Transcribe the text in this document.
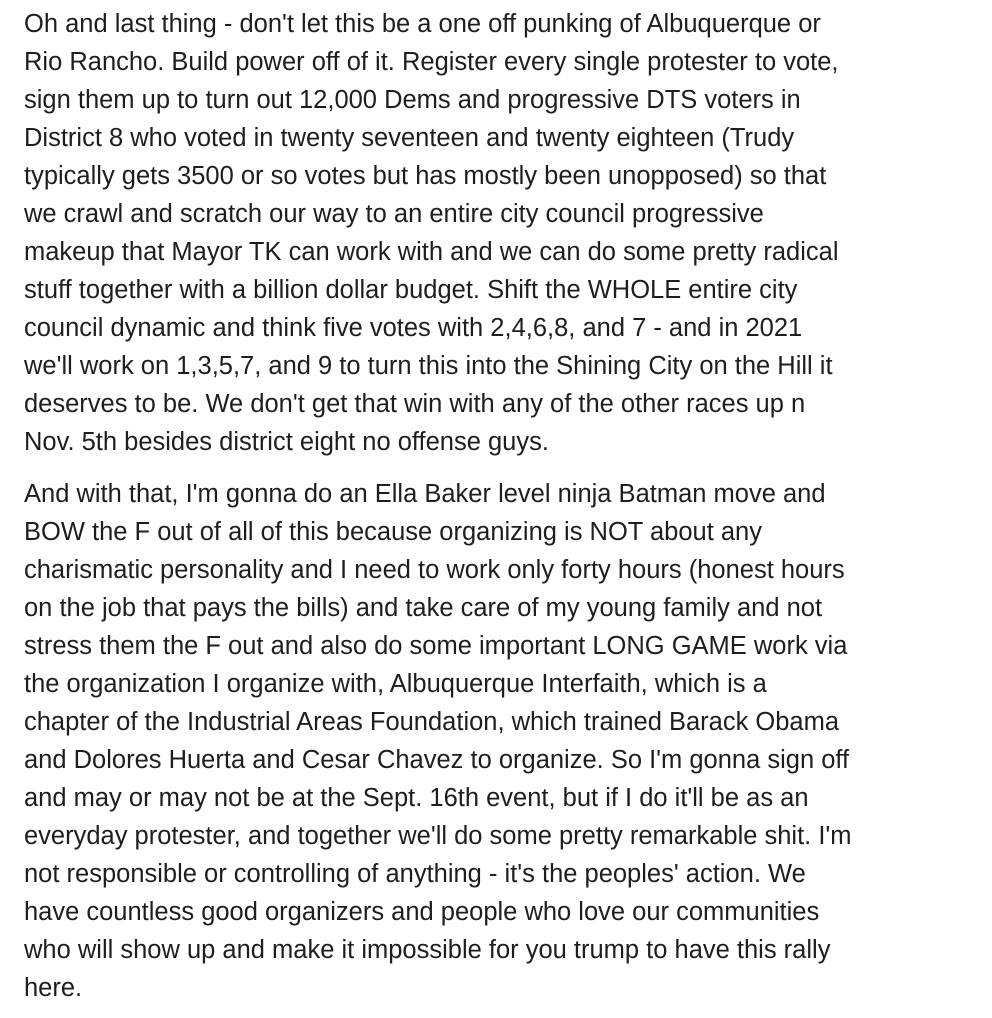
Oh and last thing - don't let this be a one off punking of Albuquerque or
Rio Rancho. Build power off of it. Register every single protester to vote,
sign them up to turn out 12,000 Dems and progressive DTS voters in
District 8 who voted in twenty seventeen and twenty eighteen (Trudy
typically gets 3500 or so votes but has mostly been unopposed) so that
we crawl and scratch our way to an entire city council progressive
makeup that Mayor TK can work with and we can do some pretty radical
stuff together with a billion dollar budget. Shift the WHOLE entire city
council dynamic and think five votes with 2,4,6,8, and 7 - and in 2021
we'll work on 1,3,5,7, and 9 to turn this into the Shining City on the Hill it
deserves to be. We don't get that win with any of the other races up n
Nov. 5th besides district eight no offense guys.

And with that, I'm gonna do an Ella Baker level ninja Batman move and
BOW the F out of all of this because organizing is NOT about any
charismatic personality and I need to work only forty hours (honest hours
on the job that pays the bills) and take care of my young family and not
stress them the F out and also do some important LONG GAME work via
the organization I organize with, Albuquerque Interfaith, which is a
chapter of the Industrial Areas Foundation, which trained Barack Obama
and Dolores Huerta and Cesar Chavez to organize. So I'm gonna sign off
and may or may not be at the Sept. 16th event, but if I do it'll be as an
everyday protester, and together we'll do some pretty remarkable shit. I'm
not responsible or controlling of anything - it's the peoples' action. We
have countless good organizers and people who love our communities
who will show up and make it impossible for you trump to have this rally
here.
